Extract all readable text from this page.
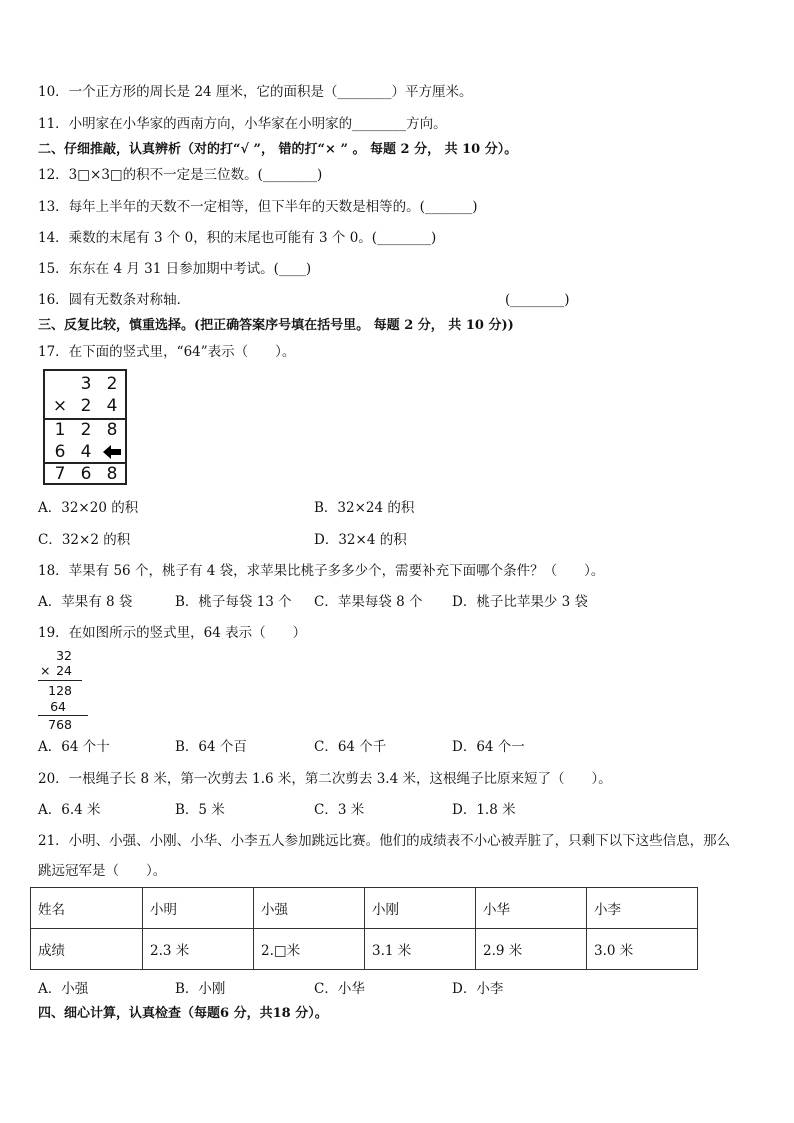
10．一个正方形的周长是 24 厘米，它的面积是（________）平方厘米。
11．小明家在小华家的西南方向，小华家在小明家的________方向。
二、仔细推敲，认真辨析（对的打“√ ”， 错的打“× ” 。 每题 2 分， 共 10 分）。
12．3□×3□的积不一定是三位数。(________)
13．每年上半年的天数不一定相等，但下半年的天数是相等的。(_______)
14．乘数的末尾有 3 个 0，积的末尾也可能有 3 个 0。(________)
15．东东在 4 月 31 日参加期中考试。(____)
16．圆有无数条对称轴．	(________)
三、反复比较，慎重选择。(把正确答案序号填在括号里。 每题 2 分， 共 10 分))
17．在下面的竖式里，“64”表示（　　）。
3 2
× 2 4
1 2 8
6 4
7 6 8
A．32×20 的积	B．32×24 的积
C．32×2 的积	D．32×4 的积
18．苹果有 56 个，桃子有 4 袋，求苹果比桃子多多少个，需要补充下面哪个条件？（　　）。
A．苹果有 8 袋	B．桃子每袋 13 个 C．苹果每袋 8 个 D．桃子比苹果少 3 袋
19．在如图所示的竖式里，64 表示（　　）
32
× 24
128
64
768
A．64 个十	B．64 个百	C．64 个千	D．64 个一
20．一根绳子长 8 米，第一次剪去 1.6 米，第二次剪去 3.4 米，这根绳子比原来短了（　　）。
A．6.4 米	B．5 米	C．3 米	D．1.8 米
21．小明、小强、小刚、小华、小李五人参加跳远比赛。他们的成绩表不小心被弄脏了，只剩下以下这些信息，那么
跳远冠军是（　　）。
姓名	小明	小强	小刚	小华	小李
成绩	2.3 米	2.□米	3.1 米	2.9 米	3.0 米
A．小强	B．小刚	C．小华	D．小李
四、细心计算，认真检查（每题6 分，共18 分）。
